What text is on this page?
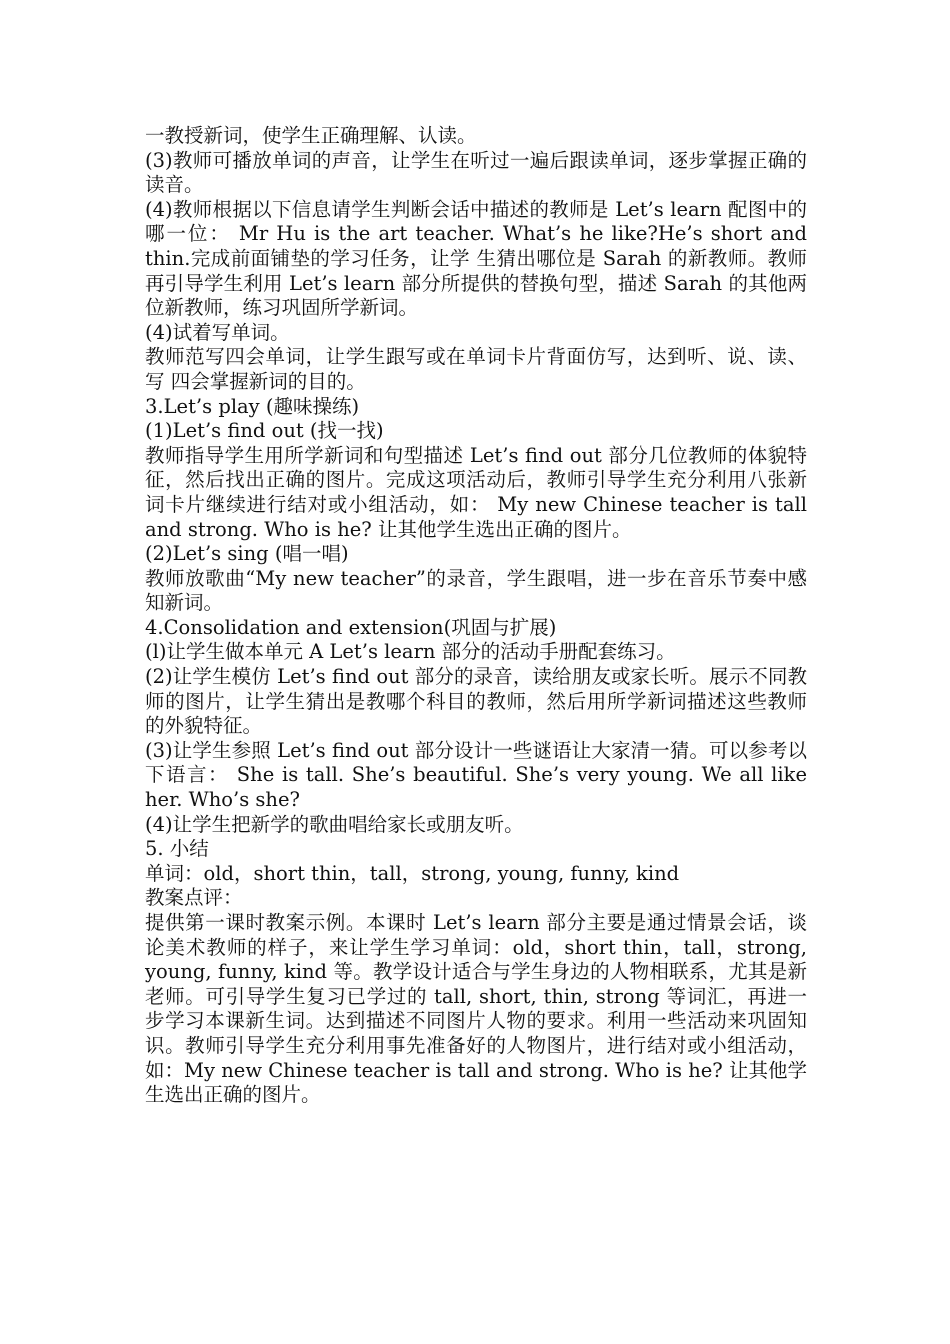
一教授新词，使学生正确理解、认读。

(3)教师可播放单词的声音，让学生在听过一遍后跟读单词，逐步掌握正确的读音。

(4)教师根据以下信息请学生判断会话中描述的教师是 Let’s learn 配图中的哪一位： Mr Hu is the art teacher. What’s he like?He’s short and thin.完成前面铺垫的学习任务，让学 生猜出哪位是 Sarah 的新教师。教师再引导学生利用 Let’s learn 部分所提供的替换句型，描述 Sarah 的其他两位新教师，练习巩固所学新词。

(4)试着写单词。

教师范写四会单词，让学生跟写或在单词卡片背面仿写，达到听、说、读、写 四会掌握新词的目的。

3.Let’s play (趣味操练)

(1)Let’s find out (找一找)

教师指导学生用所学新词和句型描述 Let’s find out 部分几位教师的体貌特征，然后找出正确的图片。完成这项活动后，教师引导学生充分利用八张新词卡片继续进行结对或小组活动，如： My new Chinese teacher is tall and strong. Who is he? 让其他学生选出正确的图片。

(2)Let’s sing (唱一唱)

教师放歌曲“My new teacher”的录音，学生跟唱，进一步在音乐节奏中感知新词。

4.Consolidation and extension(巩固与扩展)

(l)让学生做本单元 A Let’s learn 部分的活动手册配套练习。

(2)让学生模仿 Let’s find out 部分的录音，读给朋友或家长听。展示不同教师的图片，让学生猜出是教哪个科目的教师，然后用所学新词描述这些教师的外貌特征。

(3)让学生参照 Let’s find out 部分设计一些谜语让大家清一猜。可以参考以下语言： She is tall. She’s beautiful. She’s very young. We all like her. Who’s she?

(4)让学生把新学的歌曲唱给家长或朋友听。

5. 小结

单词：old，short thin，tall，strong, young, funny, kind

教案点评：

提供第一课时教案示例。本课时 Let’s learn 部分主要是通过情景会话，谈论美术教师的样子，来让学生学习单词：old，short thin，tall，strong, young, funny, kind 等。教学设计适合与学生身边的人物相联系，尤其是新老师。可引导学生复习已学过的 tall, short, thin, strong 等词汇，再进一步学习本课新生词。达到描述不同图片人物的要求。利用一些活动来巩固知识。教师引导学生充分利用事先准备好的人物图片，进行结对或小组活动，如：My new Chinese teacher is tall and strong. Who is he? 让其他学生选出正确的图片。
